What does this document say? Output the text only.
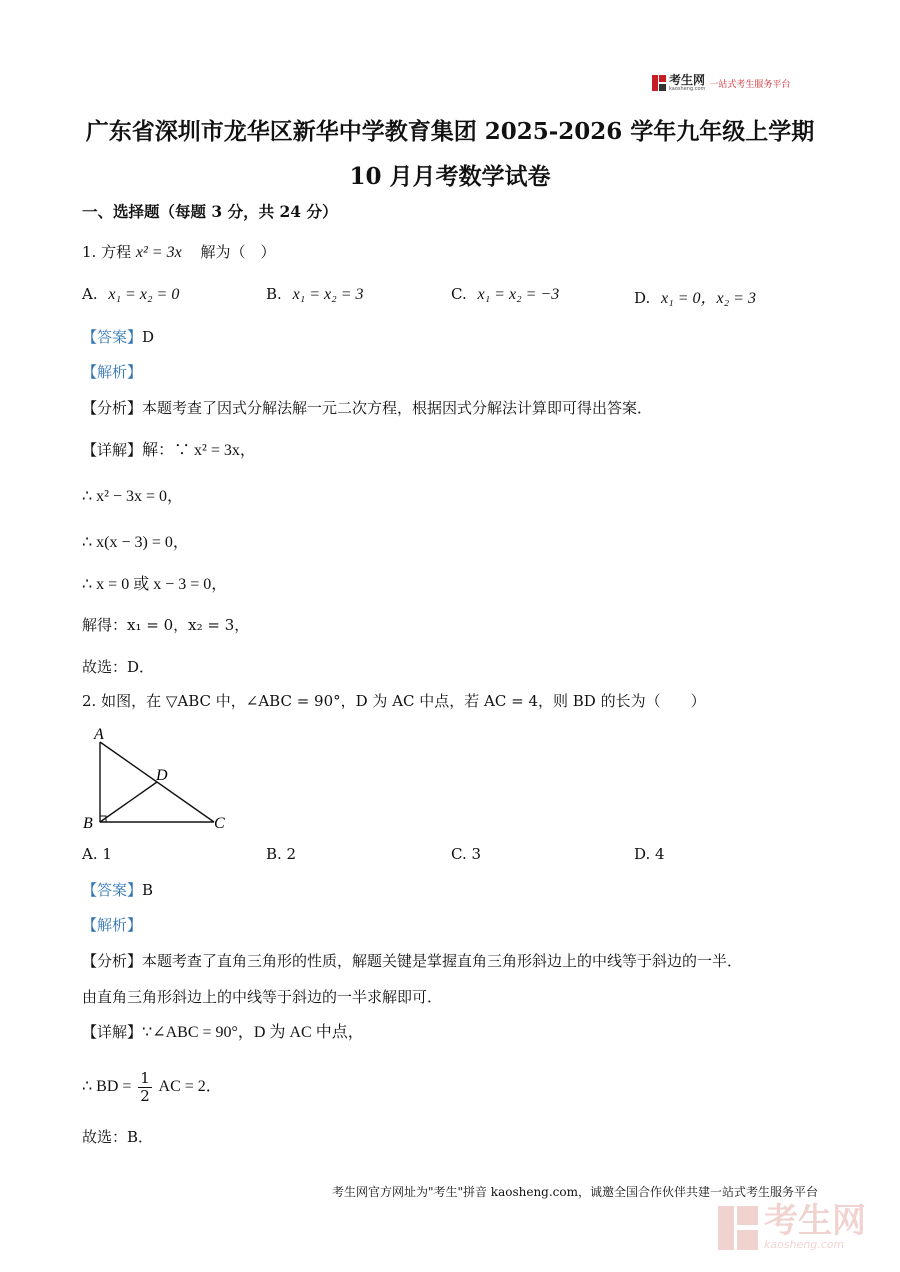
考生网
kaosheng.com 一站式考生服务平台
广东省深圳市龙华区新华中学教育集团 2025-2026 学年九年级上学期
10 月月考数学试卷
一、选择题（每题 3 分，共 24 分）
1. 方程 x² = 3x 解为（　）
A. x₁ = x₂ = 0	B. x₁ = x₂ = 3	C. x₁ = x₂ = −3	D. x₁ = 0，x₂ = 3
【答案】D
【解析】
【分析】本题考查了因式分解法解一元二次方程，根据因式分解法计算即可得出答案．
【详解】解：∵ x² = 3x，
∴ x² − 3x = 0，
∴ x(x − 3) = 0，
∴ x = 0 或 x − 3 = 0，
解得：x₁ = 0，x₂ = 3，
故选：D．
2. 如图，在 ▽ABC 中，∠ABC = 90°，D 为 AC 中点，若 AC = 4，则 BD 的长为（　　）
A
D
B	C
A. 1	B. 2	C. 3	D. 4
【答案】B
【解析】
【分析】本题考查了直角三角形的性质，解题关键是掌握直角三角形斜边上的中线等于斜边的一半．
由直角三角形斜边上的中线等于斜边的一半求解即可．
【详解】∵∠ABC = 90°，D 为 AC 中点，
∴ BD = $\frac{1}{2}$ AC = 2．
故选：B．
考生网官方网址为"考生"拼音 kaosheng.com，诚邀全国合作伙伴共建一站式考生服务平台
考生网
kaosheng.com
